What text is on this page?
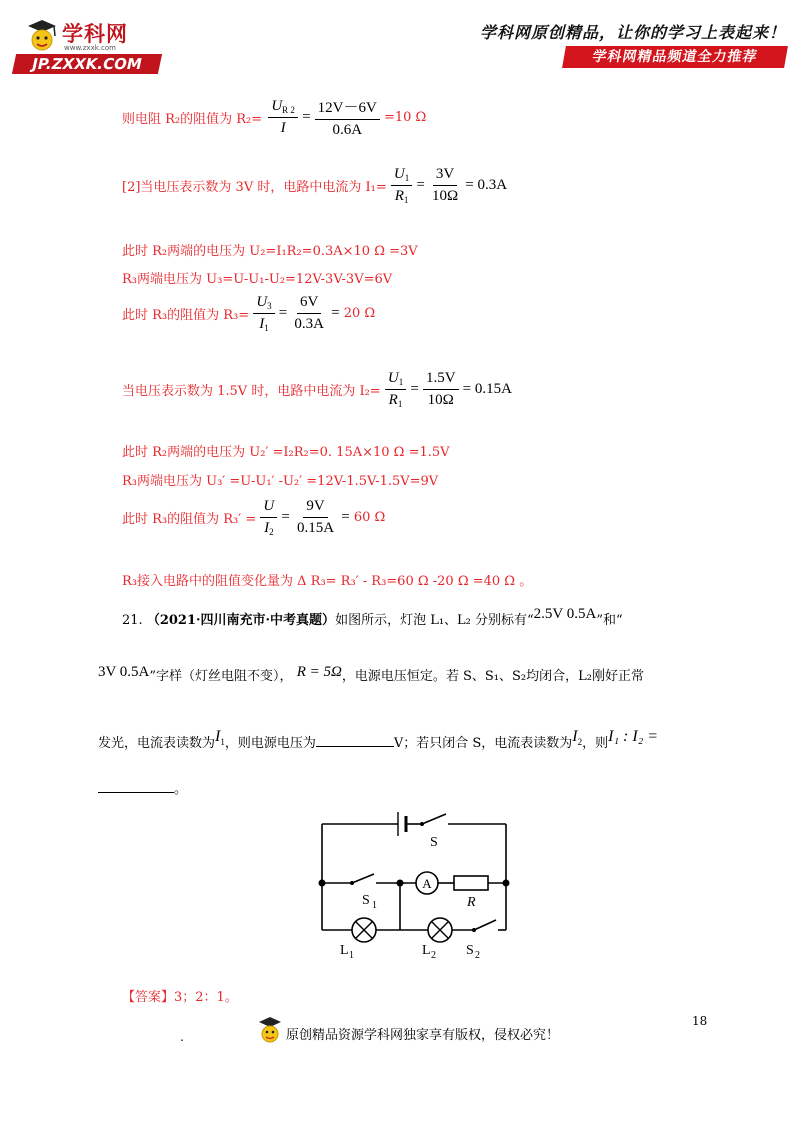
学科网
www.zxxk.com
JP.ZXXK.COM
学科网原创精品，让你的学习上表起来！
学科网精品频道全力推荐
则电阻 R₂的阻值为 $R_2= \frac{U_{R 2}}{I} = \frac{12V-6V}{0.6A} =10$ Ω
[2]当电压表示数为 3V 时，电路中电流为 $I_1= \frac{U_1}{R_1} = \frac{3V}{10\Omega} = 0.3A$
此时 R₂两端的电压为 U₂=I₁R₂=0.3A×10 Ω =3V
R₃两端电压为 U₃=U-U₁-U₂=12V-3V-3V=6V
此时 R₃的阻值为 $R_3= \frac{U_3}{I_1} = \frac{6V}{0.3A} = 20$ Ω
当电压表示数为 1.5V 时，电路中电流为 $I_2= \frac{U_1}{R_1} = \frac{1.5V}{10\Omega} = 0.15A$
此时 R₂两端的电压为 U₂′ =I₂R₂=0. 15A×10 Ω =1.5V
R₃两端电压为 U₃′ =U-U₁′ -U₂′ =12V-1.5V-1.5V=9V
此时 R₃的阻值为 $R_3' = \frac{U}{I_2} = \frac{9V}{0.15A} = 60$ Ω
R₃接入电路中的阻值变化量为 Δ R₃= R₃′ - R₃=60 Ω -20 Ω =40 Ω 。
21. （2021·四川南充市·中考真题）如图所示，灯泡 L₁、L₂ 分别标有“2.5V 0.5A”和“
3V 0.5A”字样（灯丝电阻不变）， R = 5Ω，电源电压恒定。若 S、S₁、S₂均闭合，L₂刚好正常
发光，电流表读数为$I^1$，则电源电压为	V；若只闭合 S，电流表读数为$I^2$，则I₁ : I₂ =
。
A
S
S 1	R
L 1	L 2 S 2
【答案】3；2：1。
18
.	原创精品资源学科网独家享有版权，侵权必究！
